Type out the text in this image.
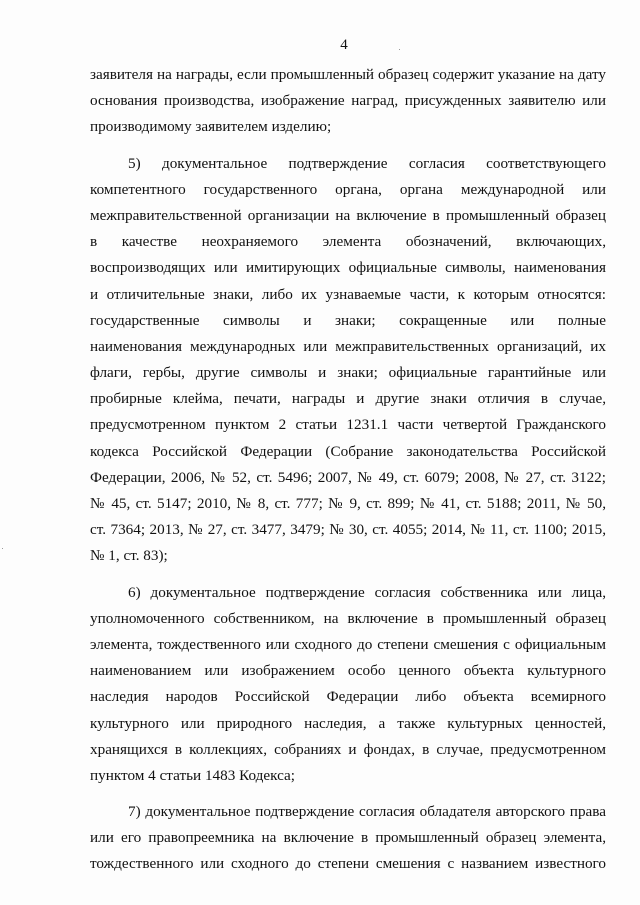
4
заявителя на награды, если промышленный образец содержит указание на дату
основания производства, изображение наград, присужденных заявителю или
производимому заявителем изделию;
5) документальное подтверждение согласия соответствующего
компетентного государственного органа, органа международной или
межправительственной организации на включение в промышленный образец
в качестве неохраняемого элемента обозначений, включающих,
воспроизводящих или имитирующих официальные символы, наименования
и отличительные знаки, либо их узнаваемые части, к которым относятся:
государственные символы и знаки; сокращенные или полные
наименования международных или межправительственных организаций, их
флаги, гербы, другие символы и знаки; официальные гарантийные или
пробирные клейма, печати, награды и другие знаки отличия в случае,
предусмотренном пунктом 2 статьи 1231.1 части четвертой Гражданского
кодекса Российской Федерации (Собрание законодательства Российской
Федерации, 2006, № 52, ст. 5496; 2007, № 49, ст. 6079; 2008, № 27, ст. 3122;
№ 45, ст. 5147; 2010, № 8, ст. 777; № 9, ст. 899; № 41, ст. 5188; 2011, № 50,
ст. 7364; 2013, № 27, ст. 3477, 3479; № 30, ст. 4055; 2014, № 11, ст. 1100; 2015,
№ 1, ст. 83);
6) документальное подтверждение согласия собственника или лица,
уполномоченного собственником, на включение в промышленный образец
элемента, тождественного или сходного до степени смешения с официальным
наименованием или изображением особо ценного объекта культурного
наследия народов Российской Федерации либо объекта всемирного
культурного или природного наследия, а также культурных ценностей,
хранящихся в коллекциях, собраниях и фондах, в случае, предусмотренном
пунктом 4 статьи 1483 Кодекса;
7) документальное подтверждение согласия обладателя авторского права
или его правопреемника на включение в промышленный образец элемента,
тождественного или сходного до степени смешения с названием известного
